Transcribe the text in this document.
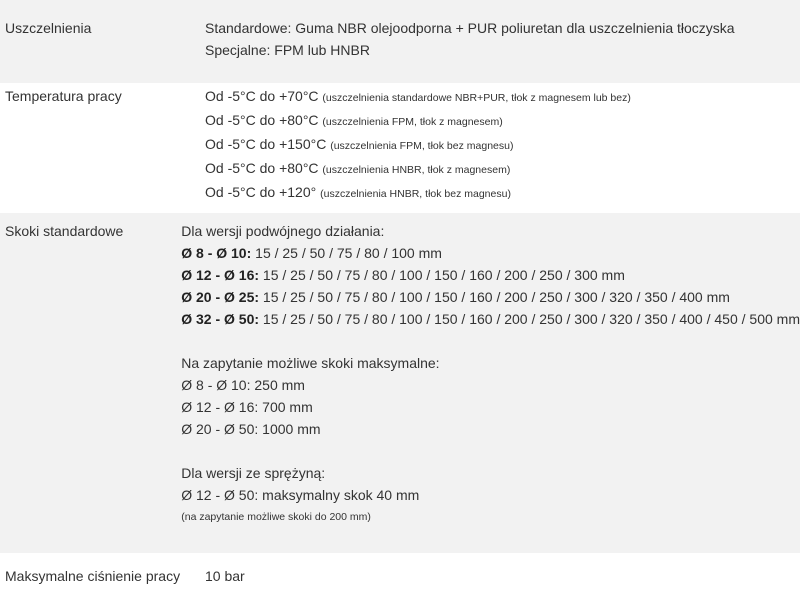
Uszczelnienia	Standardowe: Guma NBR olejoodporna + PUR poliuretan dla uszczelnienia tłoczyska
Specjalne: FPM lub HNBR
Temperatura pracy	Od -5°C do +70°C (uszczelnienia standardowe NBR+PUR, tłok z magnesem lub bez)
Od -5°C do +80°C (uszczelnienia FPM, tłok z magnesem)
Od -5°C do +150°C (uszczelnienia FPM, tłok bez magnesu)
Od -5°C do +80°C (uszczelnienia HNBR, tłok z magnesem)
Od -5°C do +120° (uszczelnienia HNBR, tłok bez magnesu)
Skoki standardowe	Dla wersji podwójnego działania:
Ø 8 - Ø 10: 15 / 25 / 50 / 75 / 80 / 100 mm
Ø 12 - Ø 16: 15 / 25 / 50 / 75 / 80 / 100 / 150 / 160 / 200 / 250 / 300 mm
Ø 20 - Ø 25: 15 / 25 / 50 / 75 / 80 / 100 / 150 / 160 / 200 / 250 / 300 / 320 / 350 / 400 mm
Ø 32 - Ø 50: 15 / 25 / 50 / 75 / 80 / 100 / 150 / 160 / 200 / 250 / 300 / 320 / 350 / 400 / 450 / 500 mm
Na zapytanie możliwe skoki maksymalne:
Ø 8 - Ø 10: 250 mm
Ø 12 - Ø 16: 700 mm
Ø 20 - Ø 50: 1000 mm
Dla wersji ze sprężyną:
Ø 12 - Ø 50: maksymalny skok 40 mm
(na zapytanie możliwe skoki do 200 mm)
Maksymalne ciśnienie pracy	10 bar
